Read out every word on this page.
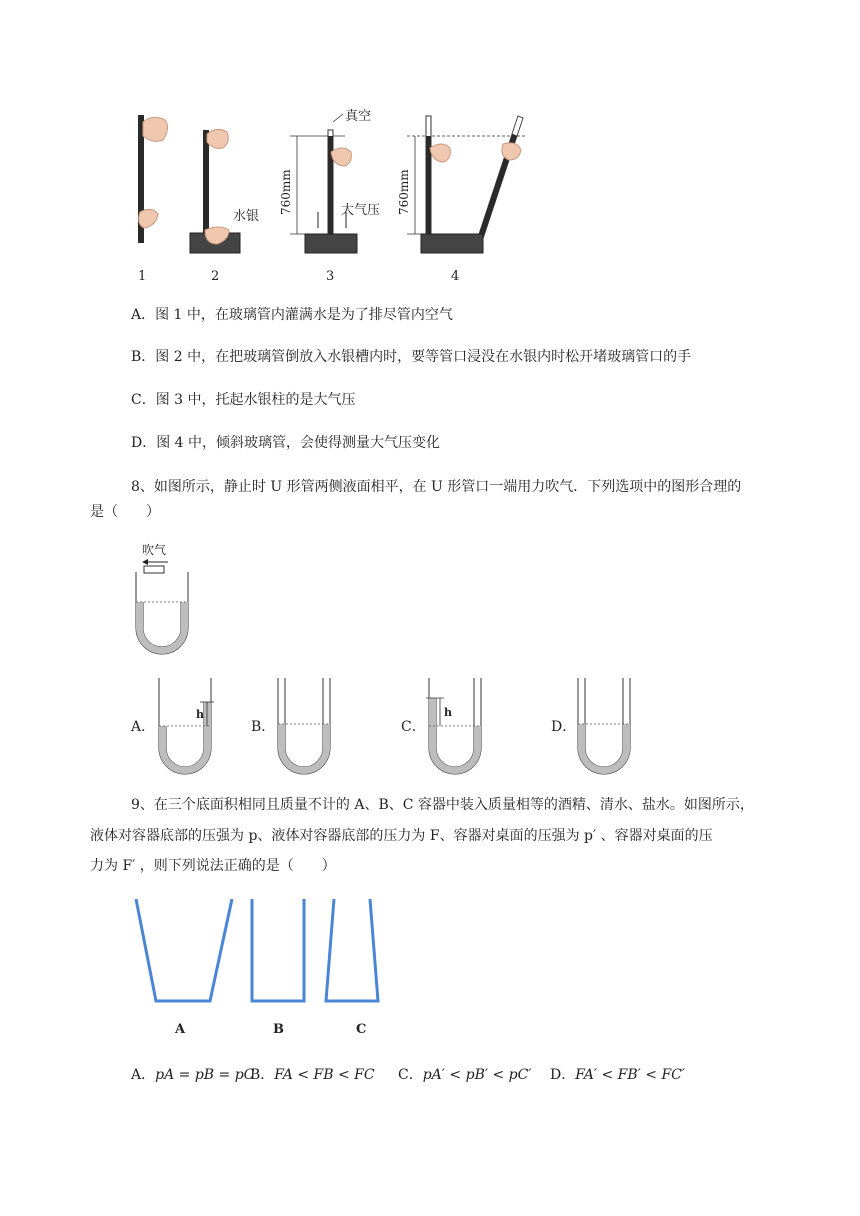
水银
760mm
真空
大气压 760mm
1	2	3	4
A．图 1 中，在玻璃管内灌满水是为了排尽管内空气
B．图 2 中，在把玻璃管倒放入水银槽内时，要等管口浸没在水银内时松开堵玻璃管口的手
C．图 3 中，托起水银柱的是大气压
D．图 4 中，倾斜玻璃管，会使得测量大气压变化
8、如图所示，静止时 U 形管两侧液面相平，在 U 形管口一端用力吹气．下列选项中的图形合理的
是（　　）
吹气
A．
h
B．	C．
h
D．
9、在三个底面积相同且质量不计的 A、B、C 容器中装入质量相等的酒精、清水、盐水。如图所示，
液体对容器底部的压强为 p、液体对容器底部的压力为 F、容器对桌面的压强为 p′ 、容器对桌面的压
力为 F′ ，则下列说法正确的是（　　）
A	B	C
A．pA = pB = pC
B．FA < FB < FC C．pA′ < pB′ < pC′ D．FA′ < FB′ < FC′
